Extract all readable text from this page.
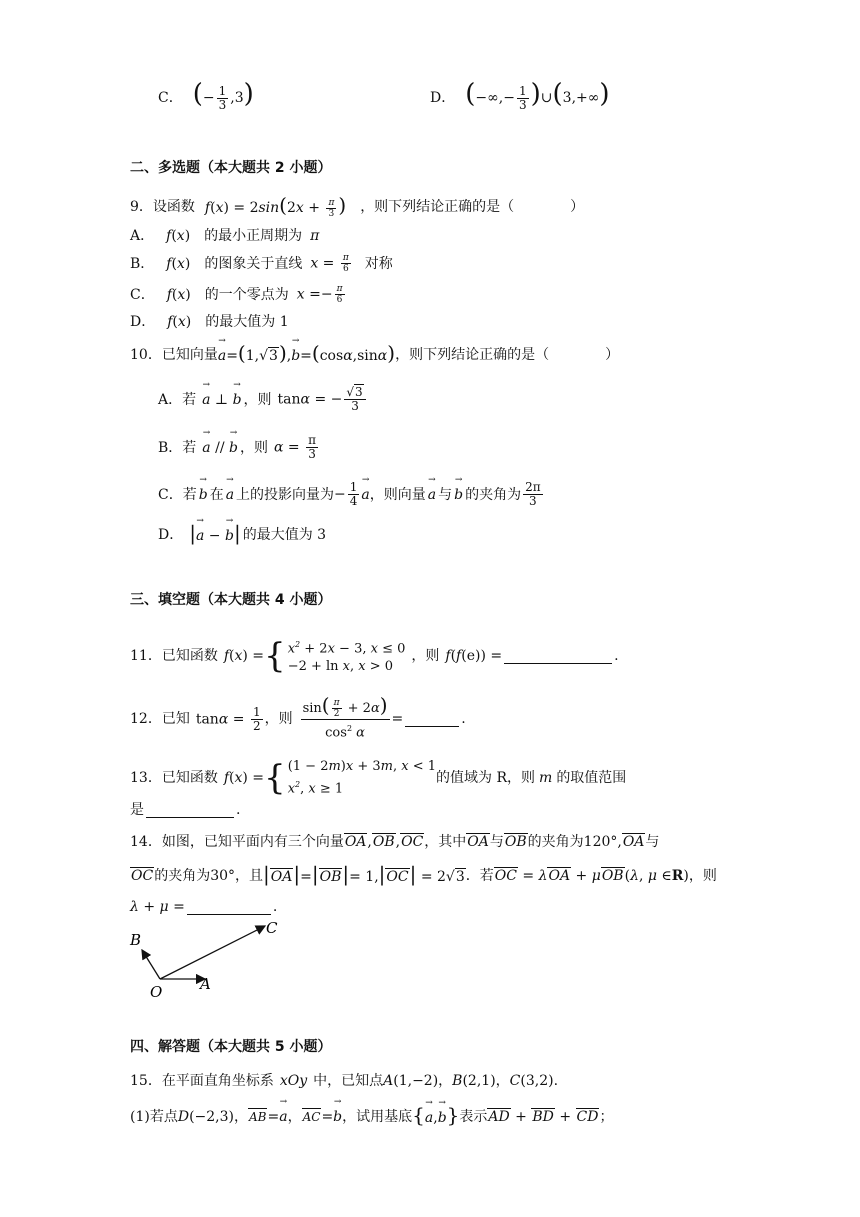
C． (− $\frac{1}{3} ,3$)	D． (−∞,− $\frac{1}{3}$ )∪(3,+∞)
二、多选题（本大题共 2 小题）
9．设函数 $f(x) = 2\sin(2x + \frac{\pi}{3}$ ) ，则下列结论正确的是（　　　　）
A． f(x) 的最小正周期为 π
B． f(x) 的图象关于直线 $x = \frac{\pi}{6}$ 对称
C． f(x) 的一个零点为 $x =- \frac{\pi}{6}$
D． f(x) 的最大值为 1
10．已知向量
→ a=(1,√3),→ b=(cosα,sinα) ，则下列结论正确的是（　　　　）
A．若
→ a ⊥ → b ，则 tanα = − $\frac{√3}{3}$
B．若
→ a // → b ，则 $\alpha = \frac{\pi}{3}$
C．若
→ b 在
→ a 上的投影向量为 − $\frac{1}{4}$
→ a ，则向量
→ a 与
→ b 的夹角为 $\frac{2\pi}{3}$
D． |→ a − → b| 的最大值为 3
三、填空题（本大题共 4 小题）
11．已知函数 f ( x ) = { $x^2 + 2x - 3$, x ≤ 0
−2 + ln x, x > 0
，则 f(f(e)) =	.
12．已知 $\tan\alpha = \frac{1}{2}$ ，则 $\frac{\sin( \frac{\pi}{2} + 2\alpha)}{\cos^2 \alpha}$ =	.
13．已知函数 f ( x ) = { (1 − 2m)x + 3m, x < 1
$x^2$, x ≥ 1
的值域为 R，则 m 的取值范围
是	.
14．如图，已知平面内有三个向量 OA,OB,OC ，其中 OA 与 OB 的夹角为 120°, OA 与
OC 的夹角为 30° ，且 |OA|=|OB|= 1,|OC| = 2√3 ．若 OC = λOA + μOB(λ, μ ∈R) ，则
λ + μ =	.
B
C
O	A
四、解答题（本大题共 5 小题）
15．在平面直角坐标系 xOy 中，已知点 A(1,−2) ， B(2,1) ， C(3,2) .
(1)若点 D(−2,3) ， AB=→ a ， AC=→ b ， 试用基底 {→ a,→ b} 表示 AD + BD + CD ；
